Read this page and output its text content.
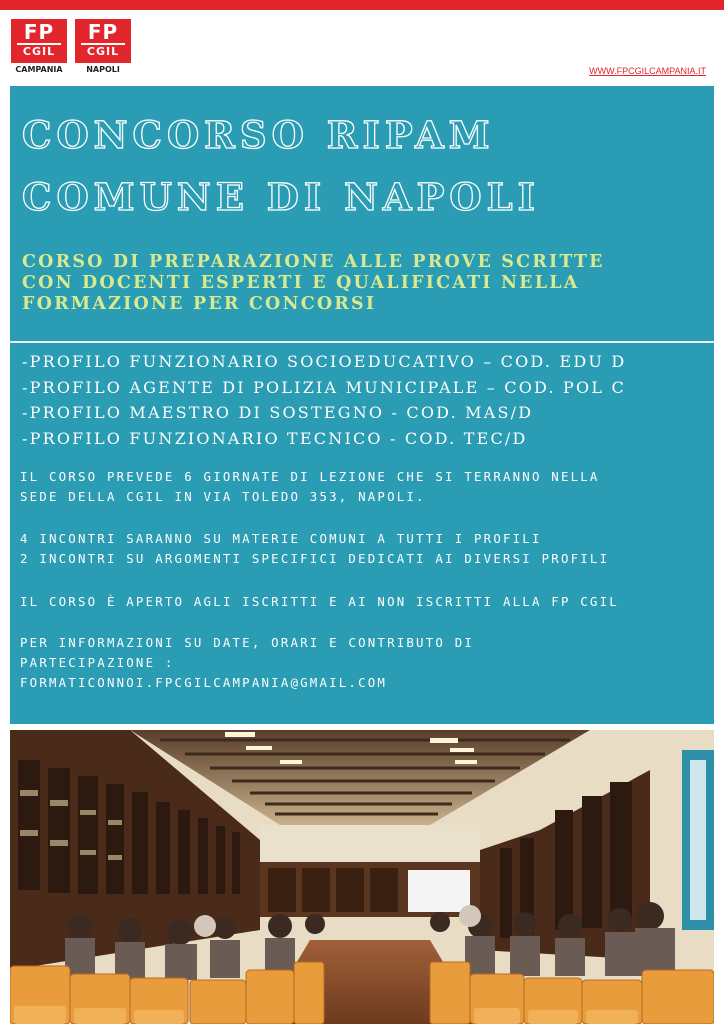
FP
CGIL
CAMPANIA
FP
CGIL
NAPOLI	WWW.FPCGILCAMPANIA.IT
CONCORSO RIPAM
COMUNE DI NAPOLI

CORSO DI PREPARAZIONE ALLE PROVE SCRITTE
CON DOCENTI ESPERTI E QUALIFICATI NELLA
FORMAZIONE PER CONCORSI

-PROFILO FUNZIONARIO SOCIOEDUCATIVO – COD. EDU D
-PROFILO AGENTE DI POLIZIA MUNICIPALE – COD. POL C
-PROFILO MAESTRO DI SOSTEGNO - COD. MAS/D
-PROFILO FUNZIONARIO TECNICO - COD. TEC/D

IL CORSO PREVEDE 6 GIORNATE DI LEZIONE CHE SI TERRANNO NELLA
SEDE DELLA CGIL IN VIA TOLEDO 353, NAPOLI.

4 INCONTRI SARANNO SU MATERIE COMUNI A TUTTI I PROFILI
2 INCONTRI SU ARGOMENTI SPECIFICI DEDICATI AI DIVERSI PROFILI

IL CORSO È APERTO AGLI ISCRITTI E AI NON ISCRITTI ALLA FP CGIL

PER INFORMAZIONI SU DATE, ORARI E CONTRIBUTO DI
PARTECIPAZIONE :
FORMATICONNOI.FPCGILCAMPANIA@GMAIL.COM
